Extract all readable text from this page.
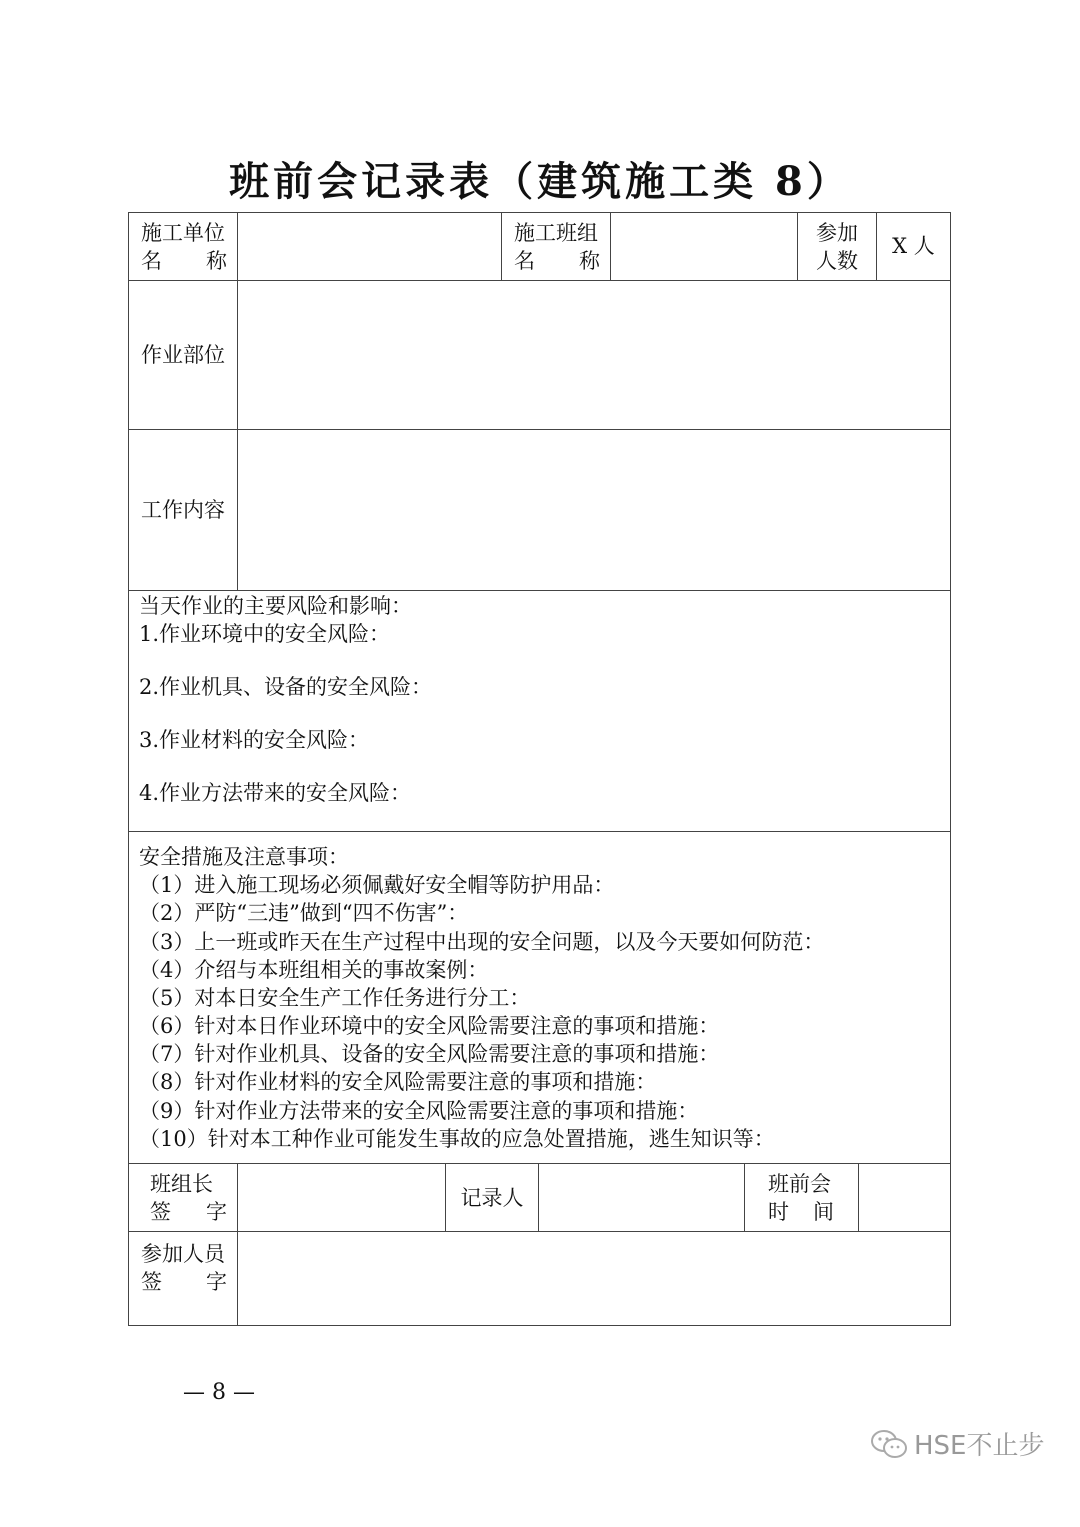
班前会记录表（建筑施工类 8）
施工单位
名 称
施工班组
名 称
参加
人数
X 人
作业部位
工作内容
当天作业的主要风险和影响：
1.作业环境中的安全风险：
2.作业机具、设备的安全风险：
3.作业材料的安全风险：
4.作业方法带来的安全风险：
安全措施及注意事项：
（1）进入施工现场必须佩戴好安全帽等防护用品：
（2）严防“三违”做到“四不伤害”：
（3）上一班或昨天在生产过程中出现的安全问题，以及今天要如何防范：
（4）介绍与本班组相关的事故案例：
（5）对本日安全生产工作任务进行分工：
（6）针对本日作业环境中的安全风险需要注意的事项和措施：
（7）针对作业机具、设备的安全风险需要注意的事项和措施：
（8）针对作业材料的安全风险需要注意的事项和措施：
（9）针对作业方法带来的安全风险需要注意的事项和措施：
（10）针对本工种作业可能发生事故的应急处置措施，逃生知识等：
班组长
签 字
记录人
班前会
时 间
参加人员
签 字
— 8 —
HSE不止步
